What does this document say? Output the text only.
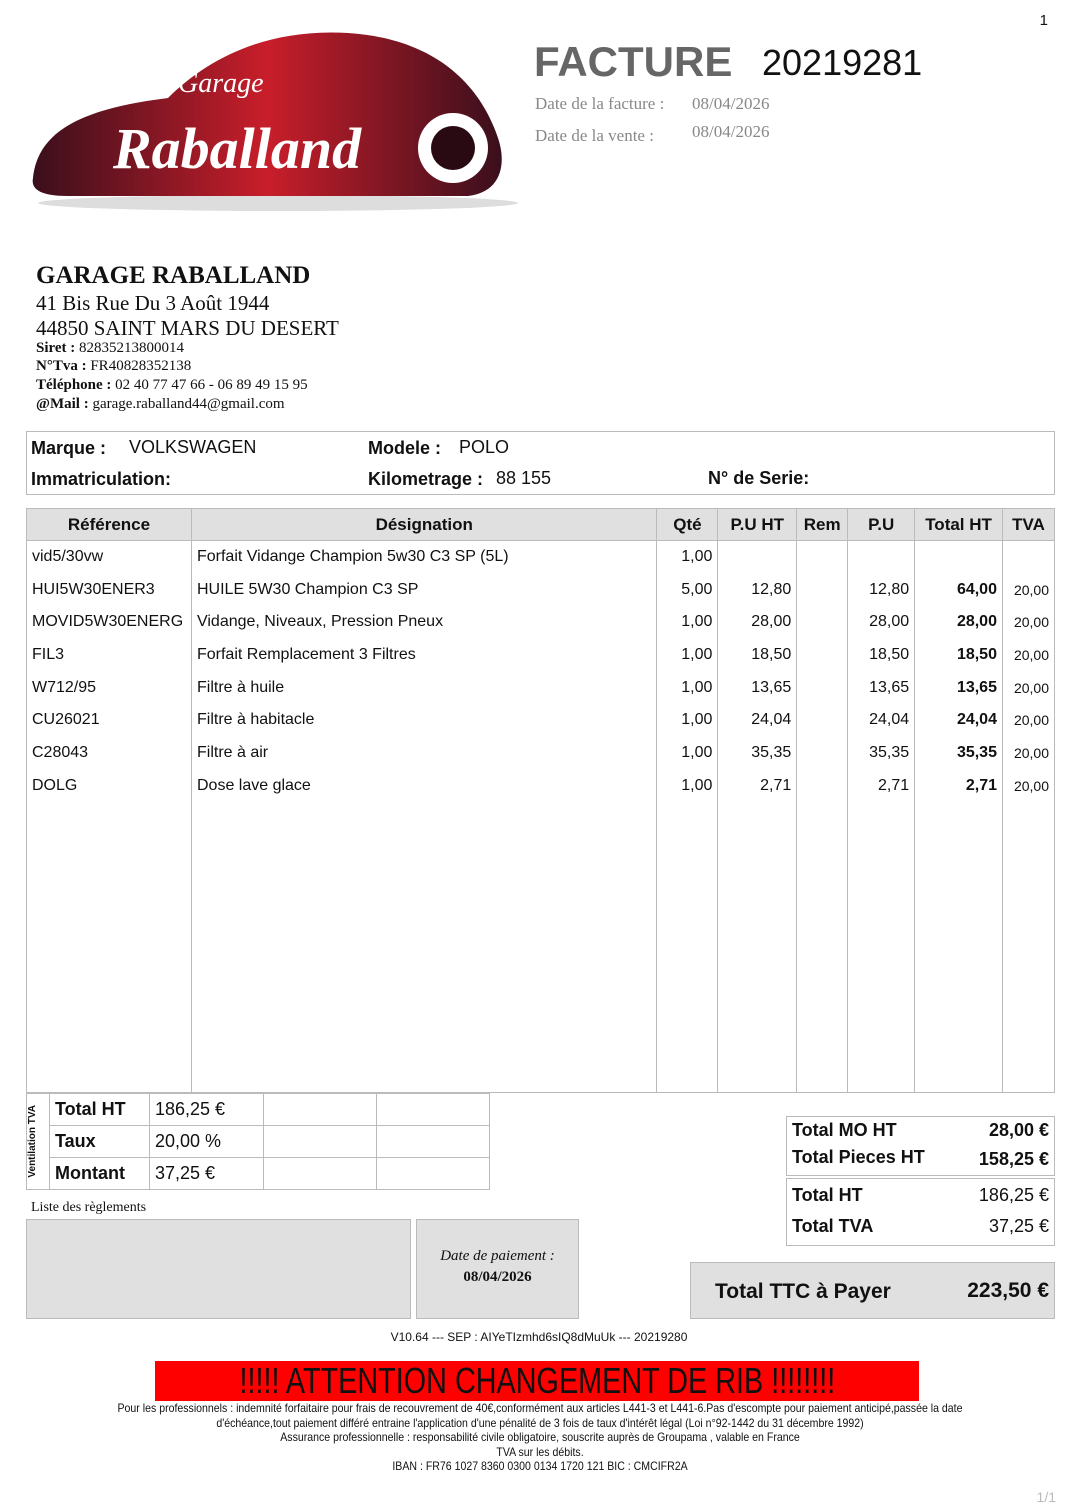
1
Garage
Raballand
FACTURE 20219281
Date de la facture : 08/04/2026
Date de la vente : 08/04/2026
GARAGE RABALLAND
41 Bis Rue Du 3 Août 1944
44850 SAINT MARS DU DESERT
Siret : 82835213800014
N°Tva : FR40828352138
Téléphone : 02 40 77 47 66 - 06 89 49 15 95
@Mail : garage.raballand44@gmail.com
Marque : VOLKSWAGEN	Modele : POLO
Immatriculation:	Kilometrage : 88 155	N° de Serie:
Référence	Désignation	Qté	P.U HT	Rem	P.U	Total HT	TVA
vid5/30vw	Forfait Vidange Champion 5w30 C3 SP (5L)	1,00					
HUI5W30ENER3	HUILE 5W30 Champion C3 SP	5,00	12,80		12,80	64,00	20,00
MOVID5W30ENERG	Vidange, Niveaux, Pression Pneux	1,00	28,00		28,00	28,00	20,00
FIL3	Forfait Remplacement 3 Filtres	1,00	18,50		18,50	18,50	20,00
W712/95	Filtre à huile	1,00	13,65		13,65	13,65	20,00
CU26021	Filtre à habitacle	1,00	24,04		24,04	24,04	20,00
C28043	Filtre à air	1,00	35,35		35,35	35,35	20,00
DOLG	Dose lave glace	1,00	2,71		2,71	2,71	20,00

Ventilation TVA	Total HT	186,25 €		
	Taux	20,00 %		
	Montant	37,25 €		
Liste des règlements
Date de paiement :
08/04/2026
Total MO HT	28,00 €
Total Pieces HT	158,25 €
Total HT	186,25 €
Total TVA	37,25 €
Total TTC à Payer	223,50 €
V10.64 --- SEP : AIYeTIzmhd6sIQ8dMuUk --- 20219280
!!!!! ATTENTION CHANGEMENT DE RIB !!!!!!!!
Pour les professionnels : indemnité forfaitaire pour frais de recouvrement de 40€,conformément aux articles L441-3 et L441-6.Pas d'escompte pour paiement anticipé,passée la date
d'échéance,tout paiement différé entraine l'application d'une pénalité de 3 fois de taux d'intérêt légal (Loi n°92-1442 du 31 décembre 1992)
Assurance professionnelle : responsabilité civile obligatoire, souscrite auprès de Groupama , valable en France
TVA sur les débits.
IBAN : FR76 1027 8360 0300 0134 1720 121 BIC : CMCIFR2A
1/1
